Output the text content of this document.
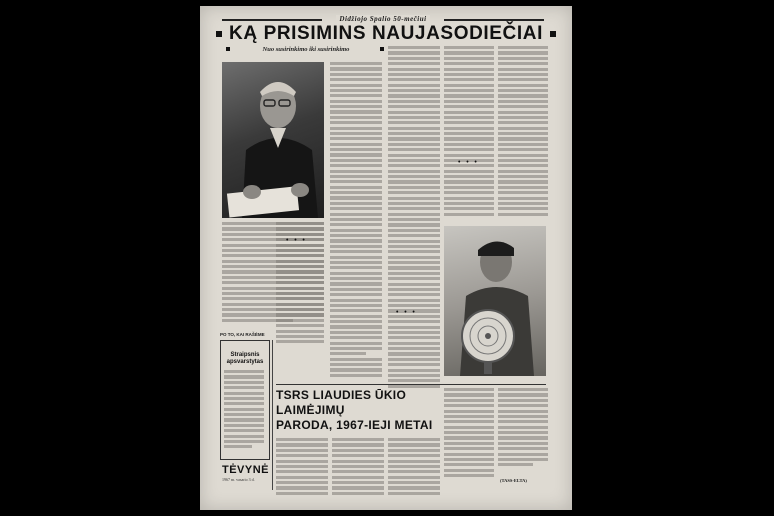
Didžiojo Spalio 50-mečiui
KĄ PRISIMINS NAUJASODIEČIAI
Nuo susirinkimo iki susirinkimo
• • •
• • •
• • •
PO TO, KAI RAŠĖME
Straipsnis apsvarstytas
TSRS LIAUDIES ŪKIO LAIMĖJIMŲ
PARODA, 1967-IEJI METAI
TĖVYNĖ
1967 m. vasario 3 d.	(TASS-ELTA)
